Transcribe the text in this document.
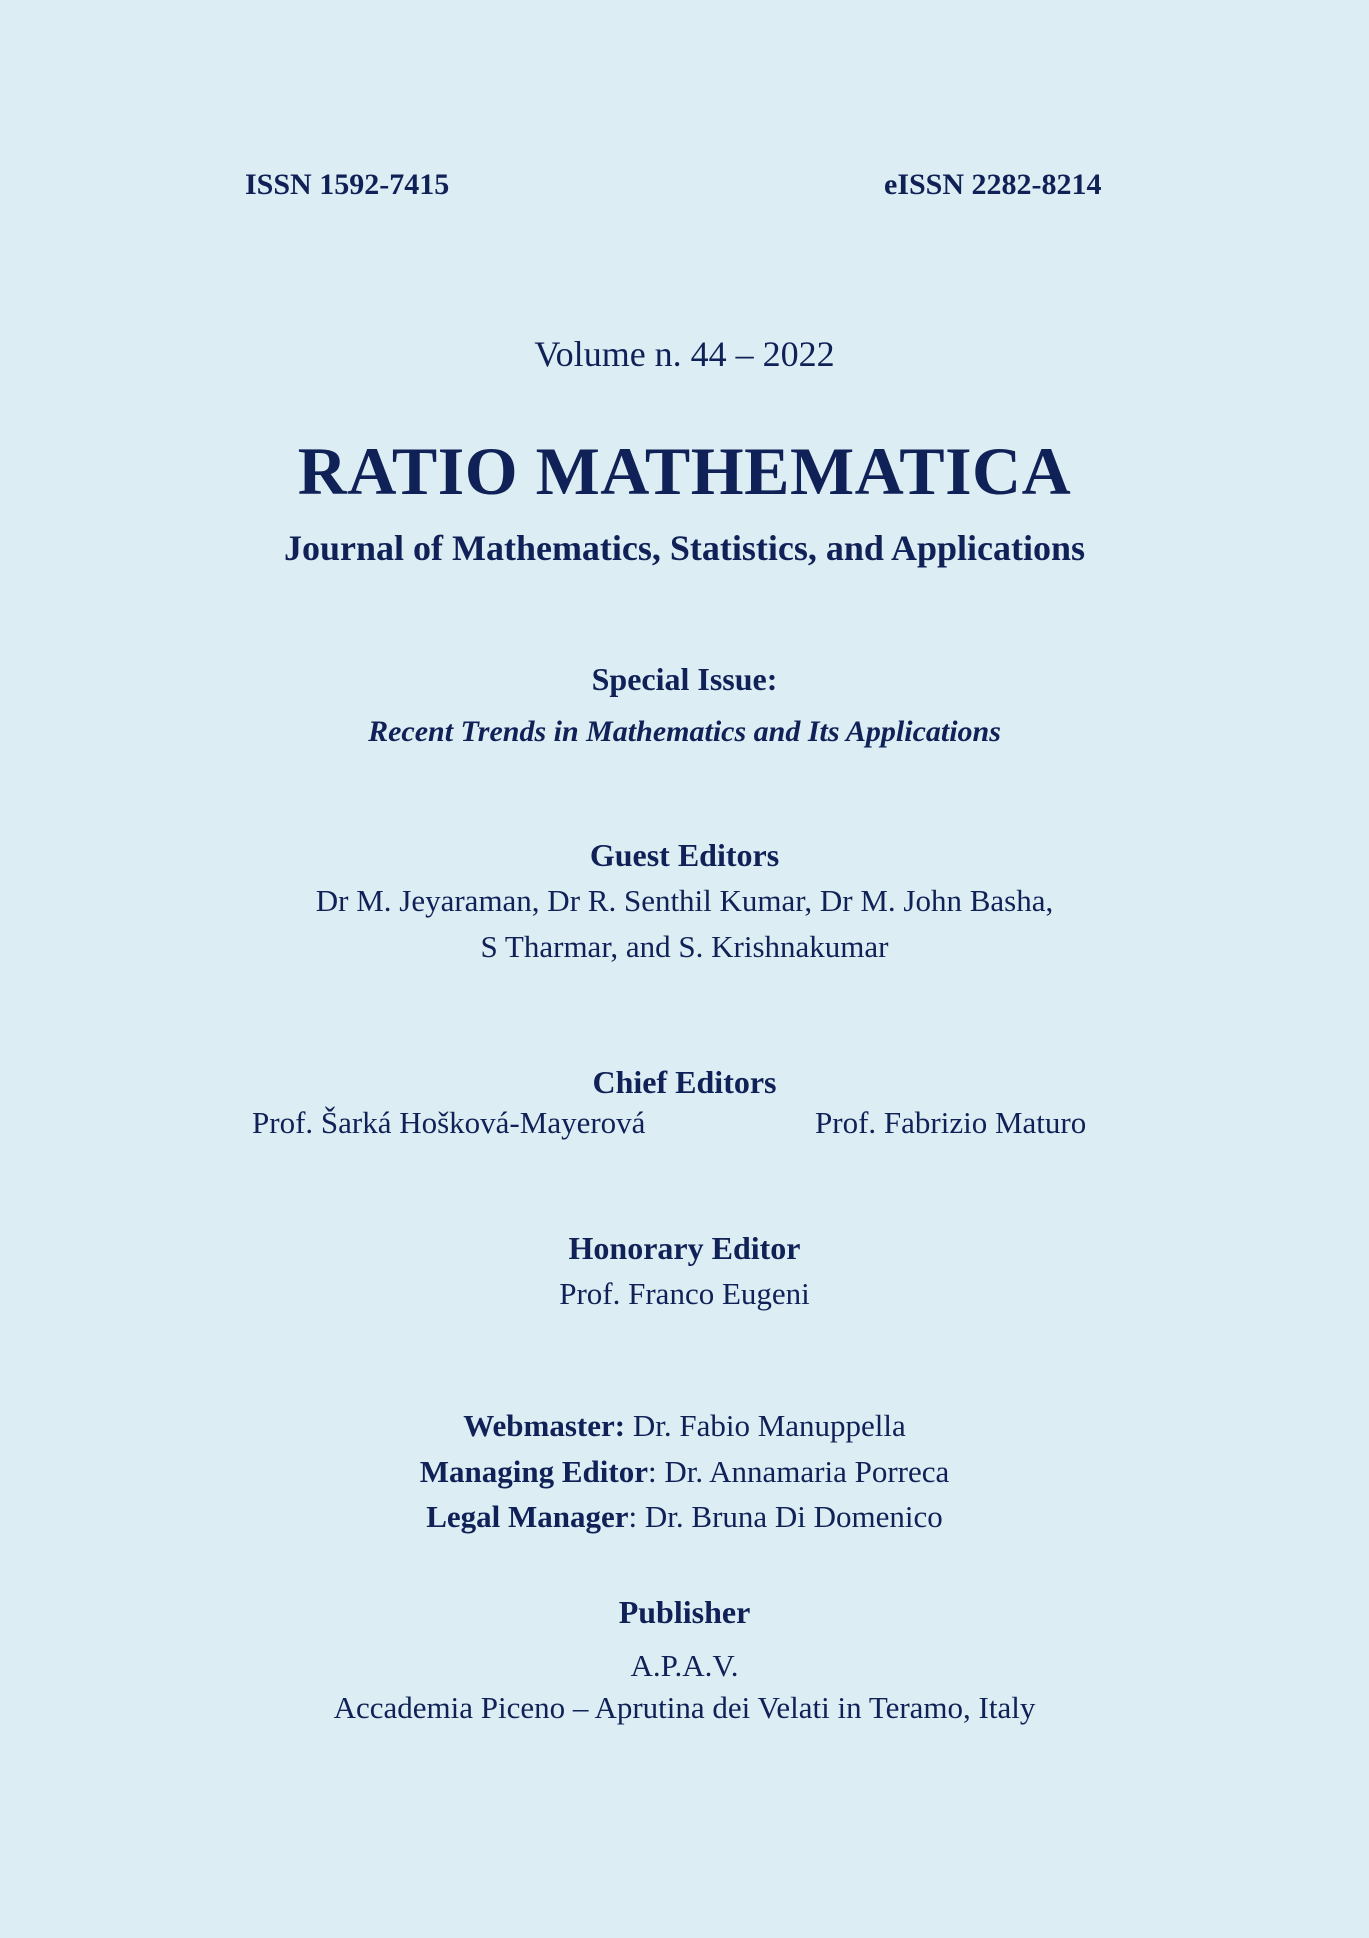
ISSN 1592-7415	eISSN 2282-8214
Volume n. 44 – 2022
RATIO MATHEMATICA
Journal of Mathematics, Statistics, and Applications
Special Issue:
Recent Trends in Mathematics and Its Applications
Guest Editors
Dr M. Jeyaraman, Dr R. Senthil Kumar, Dr M. John Basha,
S Tharmar, and S. Krishnakumar
Chief Editors
Prof. Šarká Hošková-Mayerová	Prof. Fabrizio Maturo
Honorary Editor
Prof. Franco Eugeni
Webmaster: Dr. Fabio Manuppella
Managing Editor: Dr. Annamaria Porreca
Legal Manager: Dr. Bruna Di Domenico
Publisher
A.P.A.V.
Accademia Piceno – Aprutina dei Velati in Teramo, Italy
